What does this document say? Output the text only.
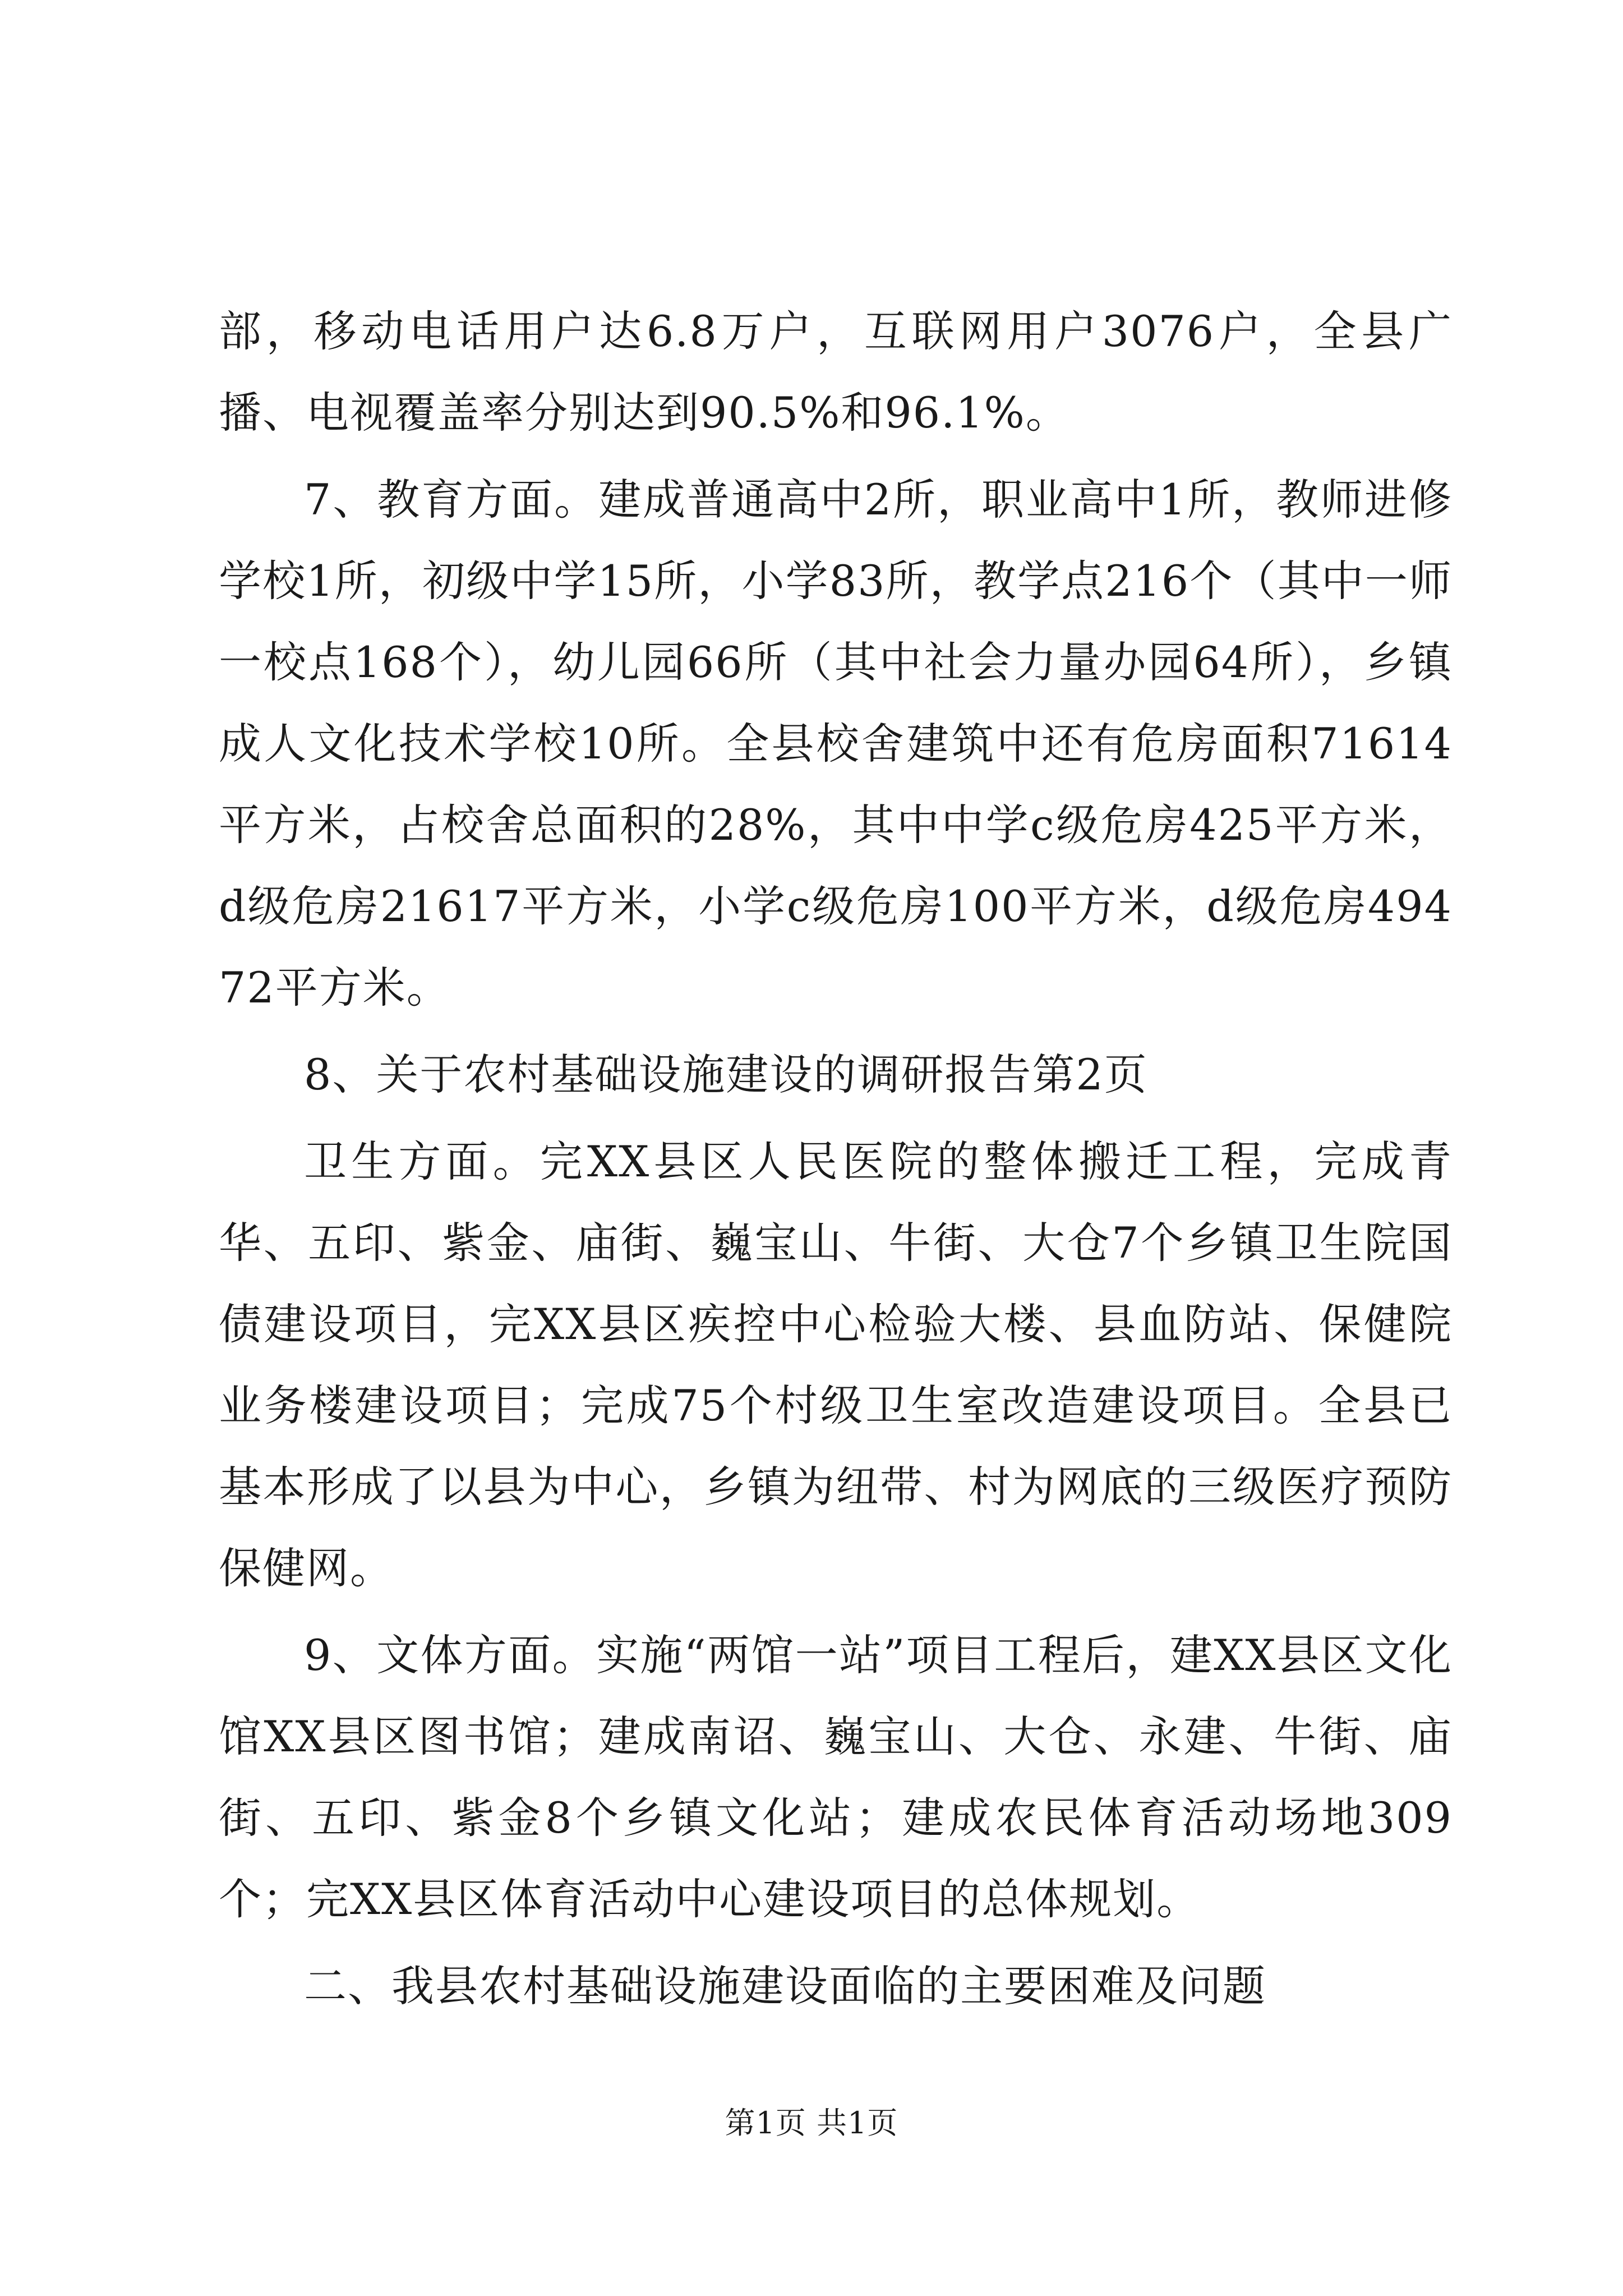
部，移动电话用户达6.8万户，互联网用户3076户，全县广播、电视覆盖率分别达到90.5%和96.1%。

7、教育方面。建成普通高中2所，职业高中1所，教师进修学校1所，初级中学15所，小学83所，教学点216个（其中一师一校点168个），幼儿园66所（其中社会力量办园64所），乡镇成人文化技术学校10所。全县校舍建筑中还有危房面积71614平方米，占校舍总面积的28%，其中中学c级危房425平方米，d级危房21617平方米，小学c级危房100平方米，d级危房49472平方米。

8、关于农村基础设施建设的调研报告第2页

卫生方面。完XX县区人民医院的整体搬迁工程，完成青华、五印、紫金、庙街、巍宝山、牛街、大仓7个乡镇卫生院国债建设项目，完XX县区疾控中心检验大楼、县血防站、保健院业务楼建设项目；完成75个村级卫生室改造建设项目。全县已基本形成了以县为中心，乡镇为纽带、村为网底的三级医疗预防保健网。

9、文体方面。实施“两馆一站”项目工程后，建XX县区文化馆XX县区图书馆；建成南诏、巍宝山、大仓、永建、牛街、庙街、五印、紫金8个乡镇文化站；建成农民体育活动场地309个；完XX县区体育活动中心建设项目的总体规划。

二、我县农村基础设施建设面临的主要困难及问题

第1页 共1页
